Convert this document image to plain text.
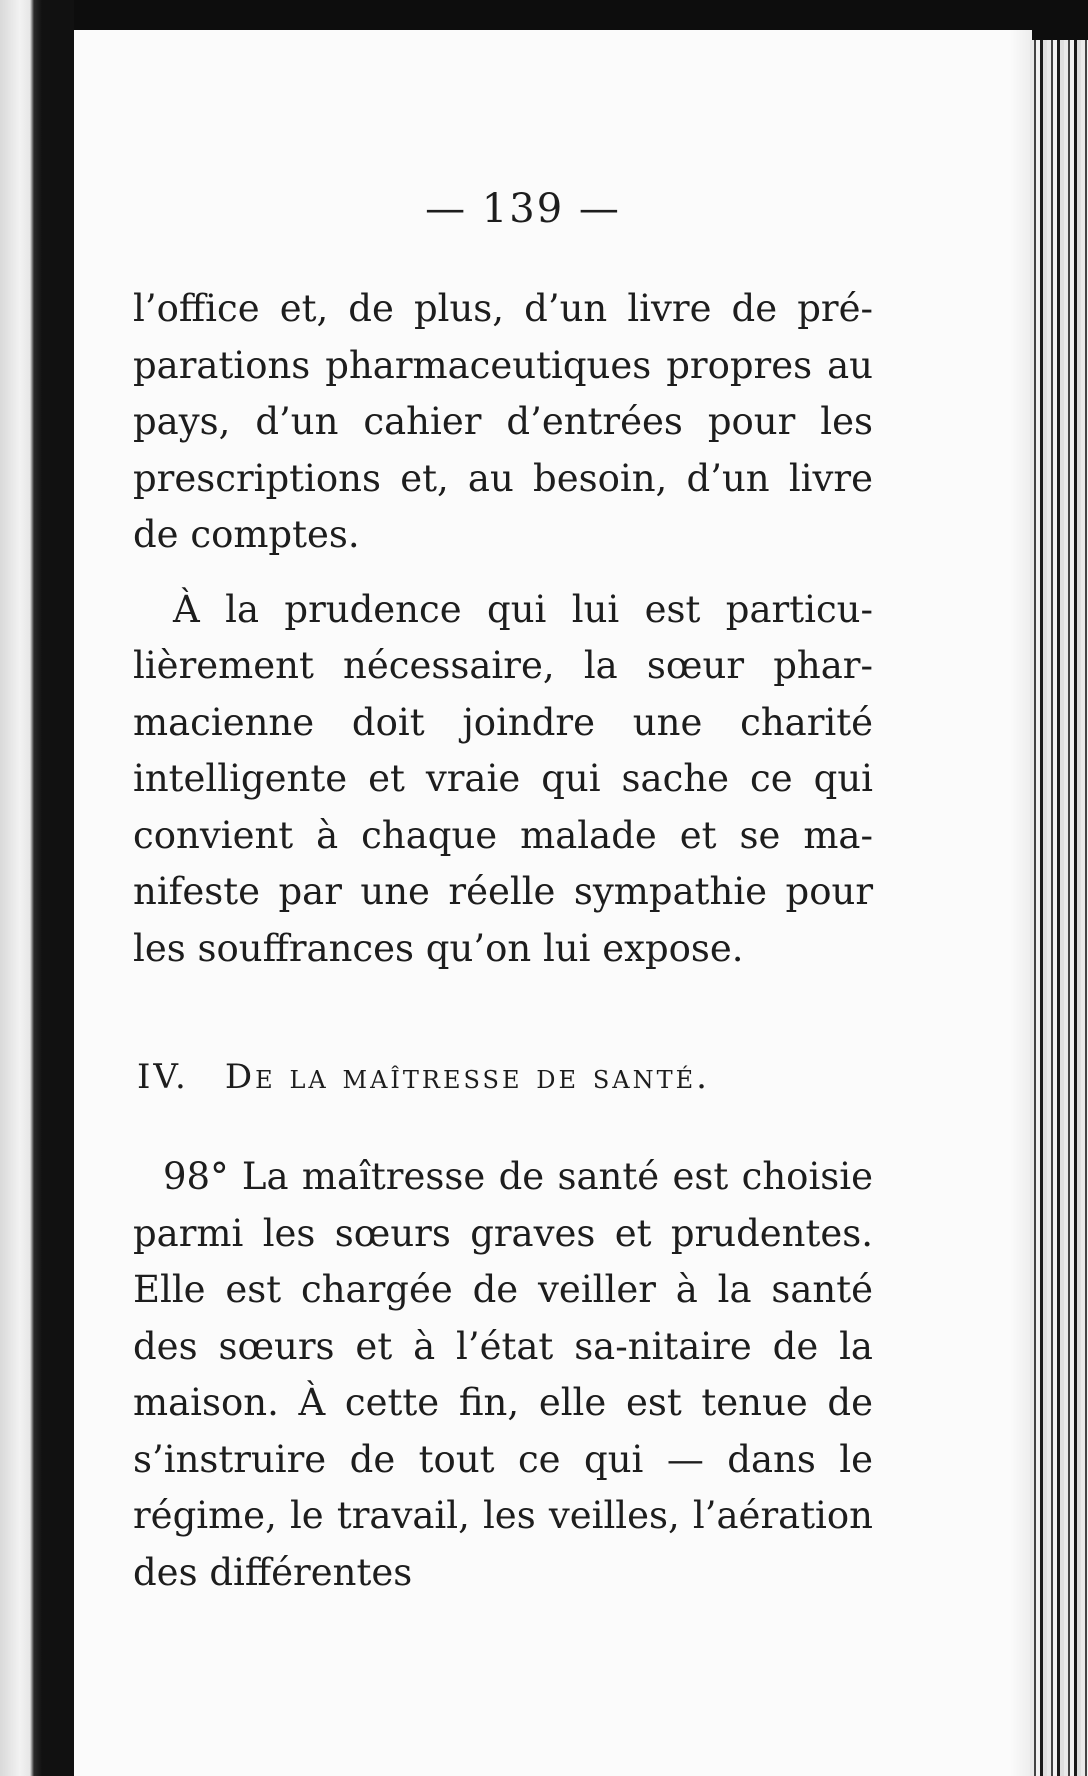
— 139 —

l’office et, de plus, d’un livre de pré-parations pharmaceutiques propres au pays, d’un cahier d’entrées pour les prescriptions et, au besoin, d’un livre de comptes.

À la prudence qui lui est particu-lièrement nécessaire, la sœur phar-macienne doit joindre une charité intelligente et vraie qui sache ce qui convient à chaque malade et se ma-nifeste par une réelle sympathie pour les souffrances qu’on lui expose.

IV. De la maîtresse de santé.

98° La maîtresse de santé est choisie parmi les sœurs graves et prudentes. Elle est chargée de veiller à la santé des sœurs et à l’état sa-nitaire de la maison. À cette fin, elle est tenue de s’instruire de tout ce qui — dans le régime, le travail, les veilles, l’aération des différentes
